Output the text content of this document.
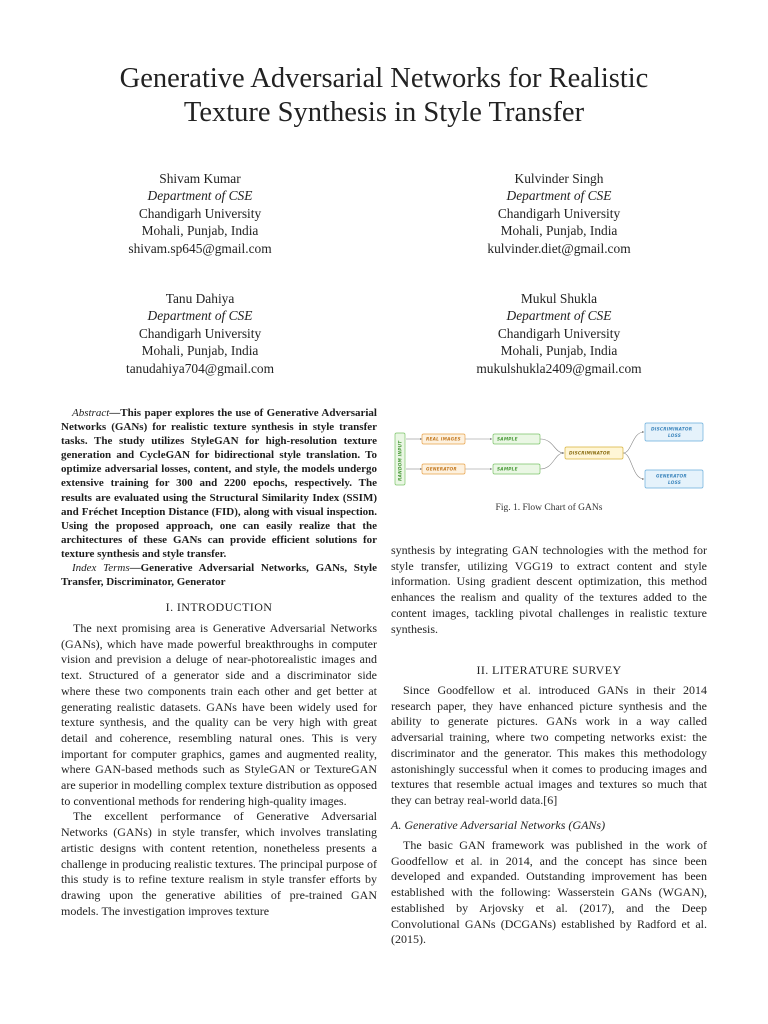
Generative Adversarial Networks for Realistic
Texture Synthesis in Style Transfer
Shivam Kumar
Department of CSE
Chandigarh University
Mohali, Punjab, India
shivam.sp645@gmail.com
Kulvinder Singh
Department of CSE
Chandigarh University
Mohali, Punjab, India
kulvinder.diet@gmail.com
Tanu Dahiya
Department of CSE
Chandigarh University
Mohali, Punjab, India
tanudahiya704@gmail.com
Mukul Shukla
Department of CSE
Chandigarh University
Mohali, Punjab, India
mukulshukla2409@gmail.com

Abstract—This paper explores the use of Generative Adversarial Networks (GANs) for realistic texture synthesis in style transfer tasks. The study utilizes StyleGAN for high-resolution texture generation and CycleGAN for bidirectional style translation. To optimize adversarial losses, content, and style, the models undergo extensive training for 300 and 2200 epochs, respectively. The results are evaluated using the Structural Similarity Index (SSIM) and Fréchet Inception Distance (FID), along with visual inspection. Using the proposed approach, one can easily realize that the architectures of these GANs can provide efficient solutions for texture synthesis and style transfer.

Index Terms—Generative Adversarial Networks, GANs, Style Transfer, Discriminator, Generator

I. INTRODUCTION

The next promising area is Generative Adversarial Networks (GANs), which have made powerful breakthroughs in computer vision and prevision a deluge of near-photorealistic images and text. Structured of a generator side and a discriminator side where these two components train each other and get better at generating realistic datasets. GANs have been widely used for texture synthesis, and the quality can be very high with great detail and coherence, resembling natural ones. This is very important for computer graphics, games and augmented reality, where GAN-based methods such as StyleGAN or TextureGAN are superior in modelling complex texture distribution as opposed to conventional methods for rendering high-quality images.

The excellent performance of Generative Adversarial Networks (GANs) in style transfer, which involves translating artistic designs with content retention, nonetheless presents a challenge in producing realistic textures. The principal purpose of this study is to refine texture realism in style transfer efforts by drawing upon the generative abilities of pre-trained GAN models. The investigation improves texture

RANDOM INPUT
REAL IMAGES
GENERATOR
SAMPLE
SAMPLE
DISCRIMINATOR
DISCRIMINATOR
LOSS
GENERATOR
LOSS
Fig. 1. Flow Chart of GANs

synthesis by integrating GAN technologies with the method for style transfer, utilizing VGG19 to extract content and style information. Using gradient descent optimization, this method enhances the realism and quality of the textures added to the content images, tackling pivotal challenges in realistic texture synthesis.

II. LITERATURE SURVEY

Since Goodfellow et al. introduced GANs in their 2014 research paper, they have enhanced picture synthesis and the ability to generate pictures. GANs work in a way called adversarial training, where two competing networks exist: the discriminator and the generator. This makes this methodology astonishingly successful when it comes to producing images and textures that resemble actual images and textures so much that they can betray real-world data.[6]

A. Generative Adversarial Networks (GANs)

The basic GAN framework was published in the work of Goodfellow et al. in 2014, and the concept has since been developed and expanded. Outstanding improvement has been established with the following: Wasserstein GANs (WGAN), established by Arjovsky et al. (2017), and the Deep Convolutional GANs (DCGANs) established by Radford et al. (2015).
